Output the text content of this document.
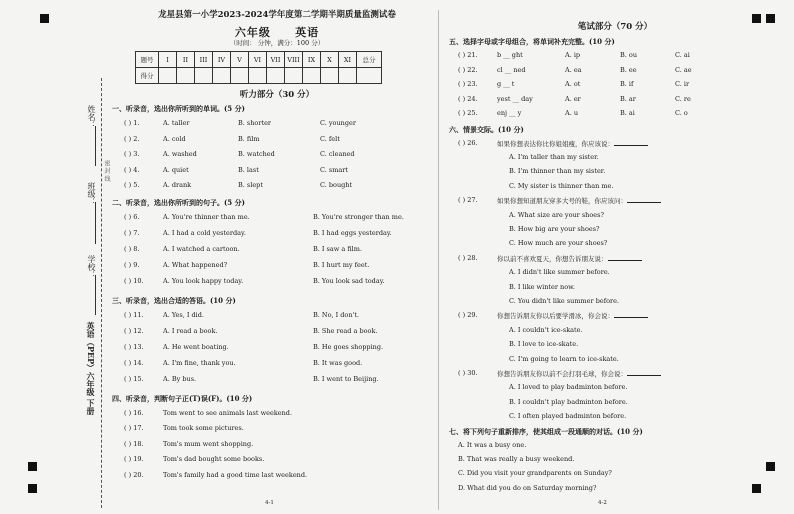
姓名：
班级：
学校：
英语（PEP）六年级 下册
密 封 线
龙星县第一小学2023-2024学年度第二学期半期质量监测试卷
六年级 英语
（时间： 分钟，满分：100 分）
题号	I	II	III	IV	V	VI	VII	VIII	IX	X	XI	总分
得分												
听力部分（30 分）
一、听录音，选出你所听到的单词。(5 分)
( ) 1.	A. taller	B. shorter	C. younger
( ) 2.	A. cold	B. film	C. felt
( ) 3.	A. washed	B. watched	C. cleaned
( ) 4.	A. quiet	B. last	C. smart
( ) 5.	A. drank	B. slept	C. bought
二、听录音，选出你所听到的句子。(5 分)
( ) 6.	A. You're thinner than me.	B. You're stronger than me.
( ) 7.	A. I had a cold yesterday.	B. I had eggs yesterday.
( ) 8.	A. I watched a cartoon.	B. I saw a film.
( ) 9.	A. What happened?	B. I hurt my feet.
( ) 10.	A. You look happy today.	B. You look sad today.
三、听录音，选出合适的答语。(10 分)
( ) 11.	A. Yes, I did.	B. No, I don't.
( ) 12.	A. I read a book.	B. She read a book.
( ) 13.	A. He went boating.	B. He goes shopping.
( ) 14.	A. I'm fine, thank you.	B. It was good.
( ) 15.	A. By bus.	B. I went to Beijing.
四、听录音，判断句子正(T)误(F)。(10 分)
( ) 16.	Tom went to see animals last weekend.
( ) 17.	Tom took some pictures.
( ) 18.	Tom's mum went shopping.
( ) 19.	Tom's dad bought some books.
( ) 20.	Tom's family had a good time last weekend.
4-1
笔试部分（70 分）
五、选择字母或字母组合，将单词补充完整。(10 分)
( ) 21.	b __ ght	A. ip	B. ou	C. ai
( ) 22.	cl __ ned	A. ea	B. ee	C. ae
( ) 23.	g __ t	A. ot	B. if	C. ir
( ) 24.	yest __ day	A. er	B. ar	C. re
( ) 25.	enj __ y	A. u	B. ai	C. o
六、情景交际。(10 分)
( ) 26.	如果你想表达你比你姐姐瘦，你应该说：
A. I'm taller than my sister.
B. I'm thinner than my sister.
C. My sister is thinner than me.
( ) 27.	如果你想知道朋友穿多大号的鞋，你应该问：
A. What size are your shoes?
B. How big are your shoes?
C. How much are your shoes?
( ) 28.	你以前不喜欢夏天，你想告诉朋友说：
A. I didn't like summer before.
B. I like winter now.
C. You didn't like summer before.
( ) 29.	你想告诉朋友你以后要学滑冰，你会说：
A. I couldn't ice-skate.
B. I love to ice-skate.
C. I'm going to learn to ice-skate.
( ) 30.	你想告诉朋友你以前不会打羽毛球，你会说：
A. I loved to play badminton before.
B. I couldn't play badminton before.
C. I often played badminton before.
七、将下列句子重新排序，使其组成一段通顺的对话。(10 分)
A. It was a busy one.
B. That was really a busy weekend.
C. Did you visit your grandparents on Sunday?
D. What did you do on Saturday morning?
4-2
